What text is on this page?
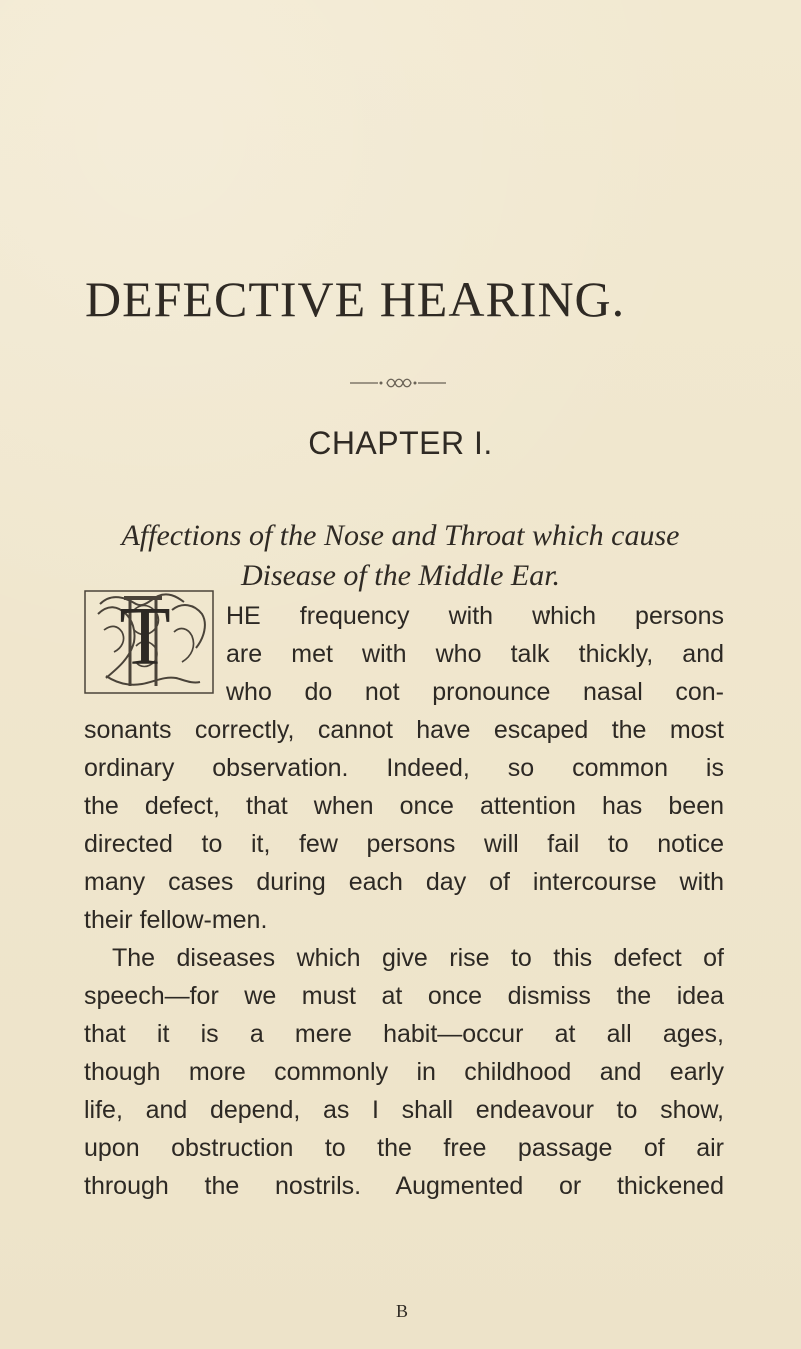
DEFECTIVE HEARING.
CHAPTER I.
Affections of the Nose and Throat which cause
Disease of the Middle Ear.
T HE frequency with which persons
are met with who talk thickly, and
who do not pronounce nasal con-
sonants correctly, cannot have escaped the most
ordinary observation. Indeed, so common is
the defect, that when once attention has been
directed to it, few persons will fail to notice
many cases during each day of intercourse with
their fellow-men.
The diseases which give rise to this defect of
speech—for we must at once dismiss the idea
that it is a mere habit—occur at all ages,
though more commonly in childhood and early
life, and depend, as I shall endeavour to show,
upon obstruction to the free passage of air
through the nostrils. Augmented or thickened
B
